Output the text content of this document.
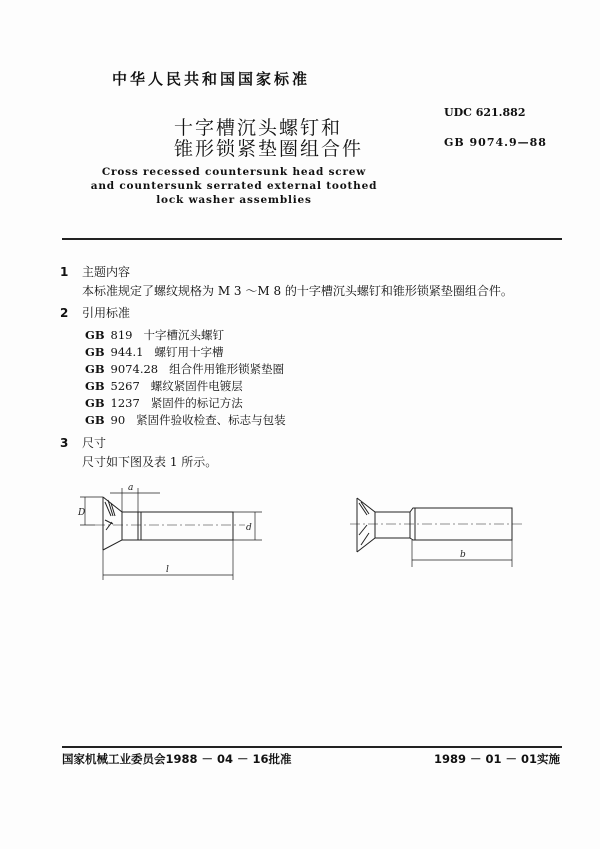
中华人民共和国国家标准
十字槽沉头螺钉和
锥形锁紧垫圈组合件
UDC 621.882
GB 9074.9—88
Cross recessed countersunk head screw
and countersunk serrated external toothed
lock washer assemblies
1 主题内容
本标准规定了螺纹规格为 M 3 ～M 8 的十字槽沉头螺钉和锥形锁紧垫圈组合件。
2 引用标准
GB 819 十字槽沉头螺钉
GB 944.1 螺钉用十字槽
GB 9074.28 组合件用锥形锁紧垫圈
GB 5267 螺纹紧固件电镀层
GB 1237 紧固件的标记方法
GB 90 紧固件验收检查、标志与包装
3 尺寸
尺寸如下图及表 1 所示。
a
D
d
l
b
国家机械工业委员会1988 － 04 － 16批准	1989 － 01 － 01实施
